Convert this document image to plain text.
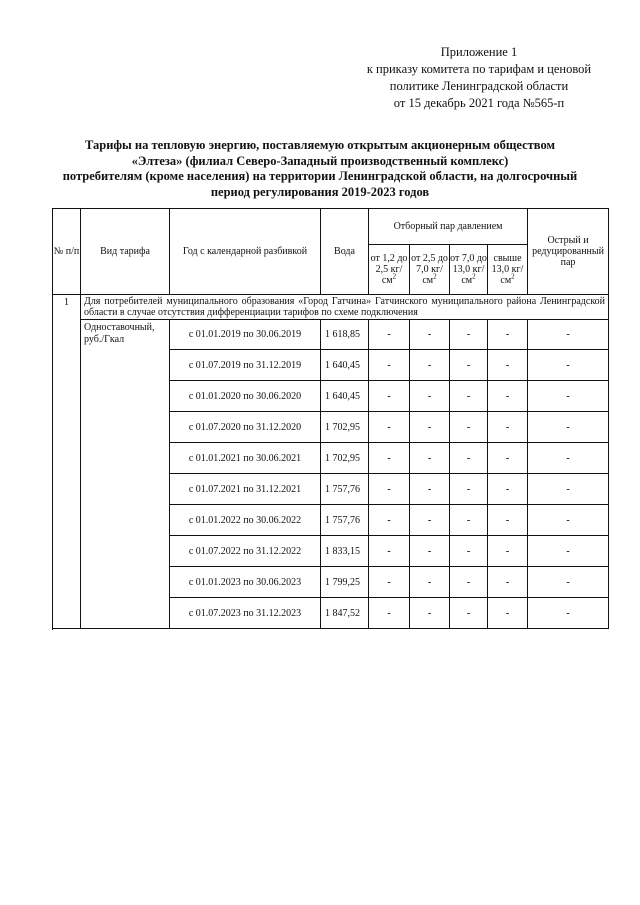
Приложение 1
к приказу комитета по тарифам и ценовой
политике Ленинградской области
от 15 декабрь 2021 года №565-п
Тарифы на тепловую энергию, поставляемую открытым акционерным обществом
«Элтеза» (филиал Северо-Западный производственный комплекс)
потребителям (кроме населения) на территории Ленинградской области, на долгосрочный
период регулирования 2019-2023 годов
№ п/п	Вид тарифа	Год с календарной разбивкой	Вода	Отборный пар давлением				Острый и редуцированный пар
				от 1,2 до 2,5 $кг/см^2$	от 2,5 до 7,0 $кг/см^2$	от 7,0 до 13,0 $кг/см^2$	свыше 13,0 $кг/см^2$
1	Для потребителей муниципального образования «Город Гатчина» Гатчинского муниципального района Ленинградской области в случае отсутствия дифференциации тарифов по схеме подключения							
	Одноставочный, руб./Гкал	с 01.01.2019 по 30.06.2019	1 618,85	-	-	-	-	-
		с 01.07.2019 по 31.12.2019	1 640,45	-	-	-	-	-
		с 01.01.2020 по 30.06.2020	1 640,45	-	-	-	-	-
		с 01.07.2020 по 31.12.2020	1 702,95	-	-	-	-	-
		с 01.01.2021 по 30.06.2021	1 702,95	-	-	-	-	-
		с 01.07.2021 по 31.12.2021	1 757,76	-	-	-	-	-
		с 01.01.2022 по 30.06.2022	1 757,76	-	-	-	-	-
		с 01.07.2022 по 31.12.2022	1 833,15	-	-	-	-	-
		с 01.01.2023 по 30.06.2023	1 799,25	-	-	-	-	-
		с 01.07.2023 по 31.12.2023	1 847,52	-	-	-	-	-
